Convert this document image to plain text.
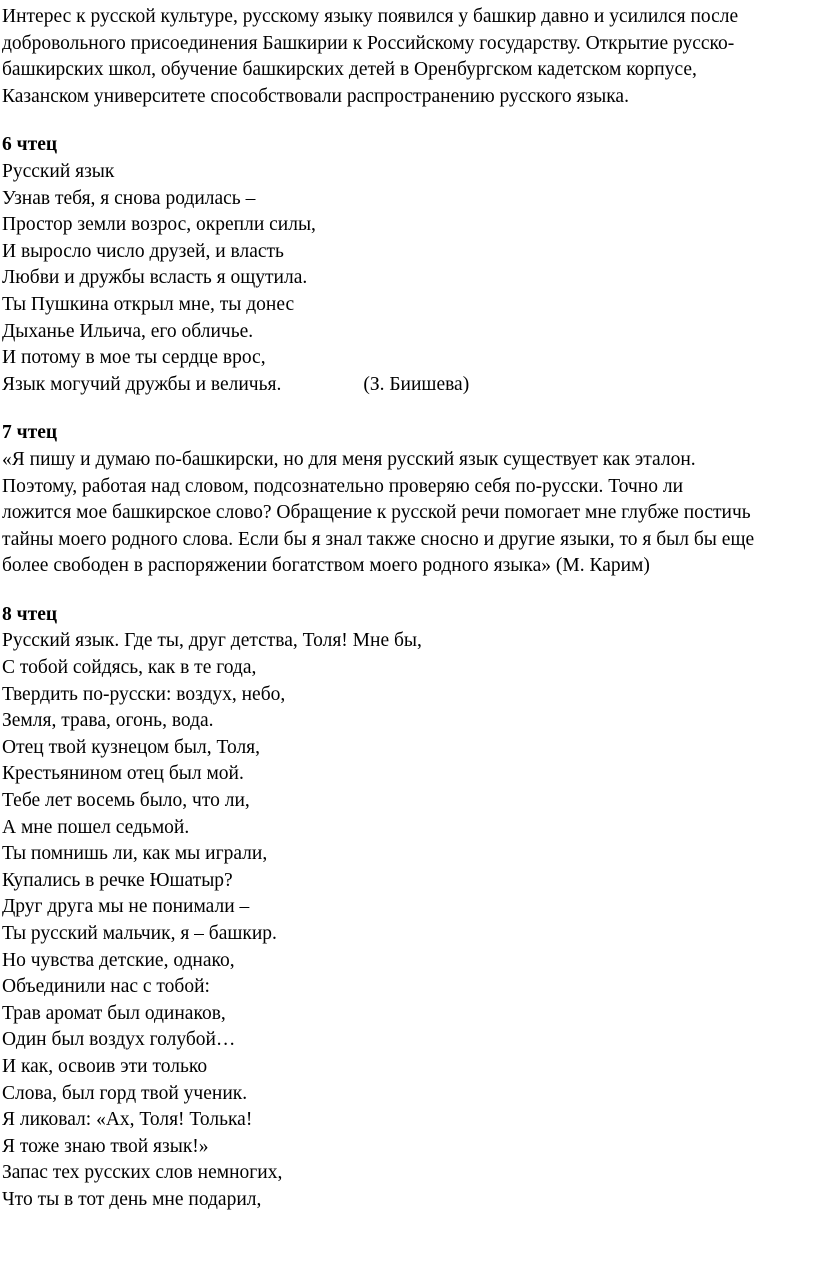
Интерес к русской культуре, русскому языку появился у башкир давно и усилился после

добровольного присоединения Башкирии к Российскому государству. Открытие русско-

башкирских школ, обучение башкирских детей в Оренбургском кадетском корпусе,

Казанском университете способствовали распространению русского языка.

6 чтец

Русский язык

Узнав тебя, я снова родилась –

Простор земли возрос, окрепли силы,

И выросло число друзей, и власть

Любви и дружбы всласть я ощутила.

Ты Пушкина открыл мне, ты донес

Дыханье Ильича, его обличье.

И потому в мое ты сердце врос,

Язык могучий дружбы и величья.	(З. Биишева)

7 чтец

«Я пишу и думаю по-башкирски, но для меня русский язык существует как эталон.

Поэтому, работая над словом, подсознательно проверяю себя по-русски. Точно ли

ложится мое башкирское слово? Обращение к русской речи помогает мне глубже постичь

тайны моего родного слова. Если бы я знал также сносно и другие языки, то я был бы еще

более свободен в распоряжении богатством моего родного языка» (М. Карим)

8 чтец

Русский язык. Где ты, друг детства, Толя! Мне бы,

С тобой сойдясь, как в те года,

Твердить по-русски: воздух, небо,

Земля, трава, огонь, вода.

Отец твой кузнецом был, Толя,

Крестьянином отец был мой.

Тебе лет восемь было, что ли,

А мне пошел седьмой.

Ты помнишь ли, как мы играли,

Купались в речке Юшатыр?

Друг друга мы не понимали –

Ты русский мальчик, я – башкир.

Но чувства детские, однако,

Объединили нас с тобой:

Трав аромат был одинаков,

Один был воздух голубой…

И как, освоив эти только

Слова, был горд твой ученик.

Я ликовал: «Ах, Толя! Толька!

Я тоже знаю твой язык!»

Запас тех русских слов немногих,

Что ты в тот день мне подарил,
